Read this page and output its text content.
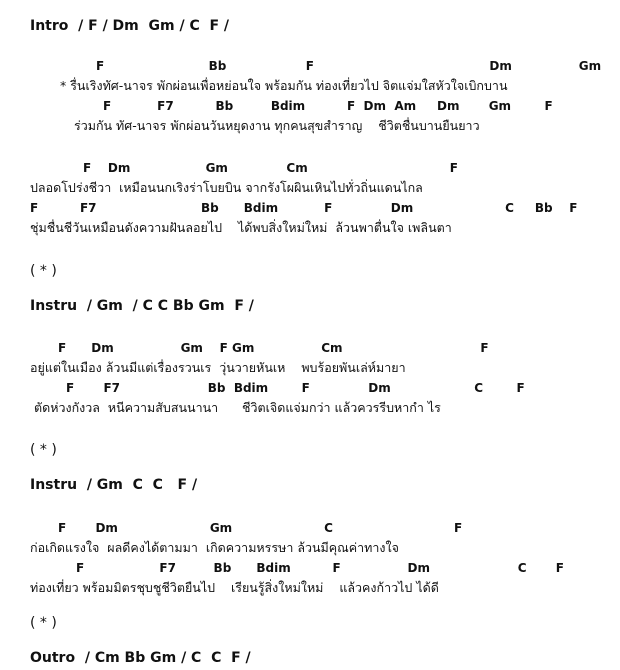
Intro  / F / Dm  Gm / C  F /
F                         Bb                   F                                          Dm                Gm
* รื่นเริงทัศ-นาจร พักผ่อนเพื่อหย่อนใจ พร้อมกัน ท่องเที่ยวไป จิตแจ่มใสหัวใจเบิกบาน
F           F7          Bb         Bdim          F  Dm  Am     Dm       Gm        F
ร่วมกัน ทัศ-นาจร พักผ่อนวันหยุดงาน ทุกคนสุขสำราญ    ชีวิตชื่นบานยืนยาว
F    Dm                  Gm              Cm                                  F
ปลอดโปร่งชีวา  เหมือนนกเริงร่าโบยบิน จากรังโผผินเหินไปทั่วถิ่นแดนไกล
F          F7                         Bb      Bdim           F              Dm                      C     Bb    F
ชุ่มชื่นชีวันเหมือนดังความฝันลอยไป    ได้พบสิ่งใหม่ใหม่  ล้วนพาตื่นใจ เพลินตา
( * )
Instru  / Gm  / C C Bb Gm  F /
F      Dm                Gm    F Gm                Cm                                 F
อยู่แต่ในเมือง ล้วนมีแต่เรื่องรวนเร  วุ่นวายหันเห    พบร้อยพันเล่ห์มายา
F       F7                     Bb  Bdim        F              Dm                    C        F
ตัดห่วงกังวล  หนีความสับสนนานา      ชีวิตเจิดแจ่มกว่า แล้วควรรีบหากำ ไร
( * )
Instru  / Gm  C  C   F /
F       Dm                      Gm                      C                             F
ก่อเกิดแรงใจ  ผลดีคงได้ตามมา  เกิดความหรรษา ล้วนมีคุณค่าทางใจ
F                  F7         Bb      Bdim          F                Dm                     C       F
ท่องเที่ยว พร้อมมิตรชุบชูชีวิตยืนไป    เรียนรู้สิ่งใหม่ใหม่    แล้วคงก้าวไป ได้ดี
( * )
Outro  / Cm Bb Gm / C  C  F /
